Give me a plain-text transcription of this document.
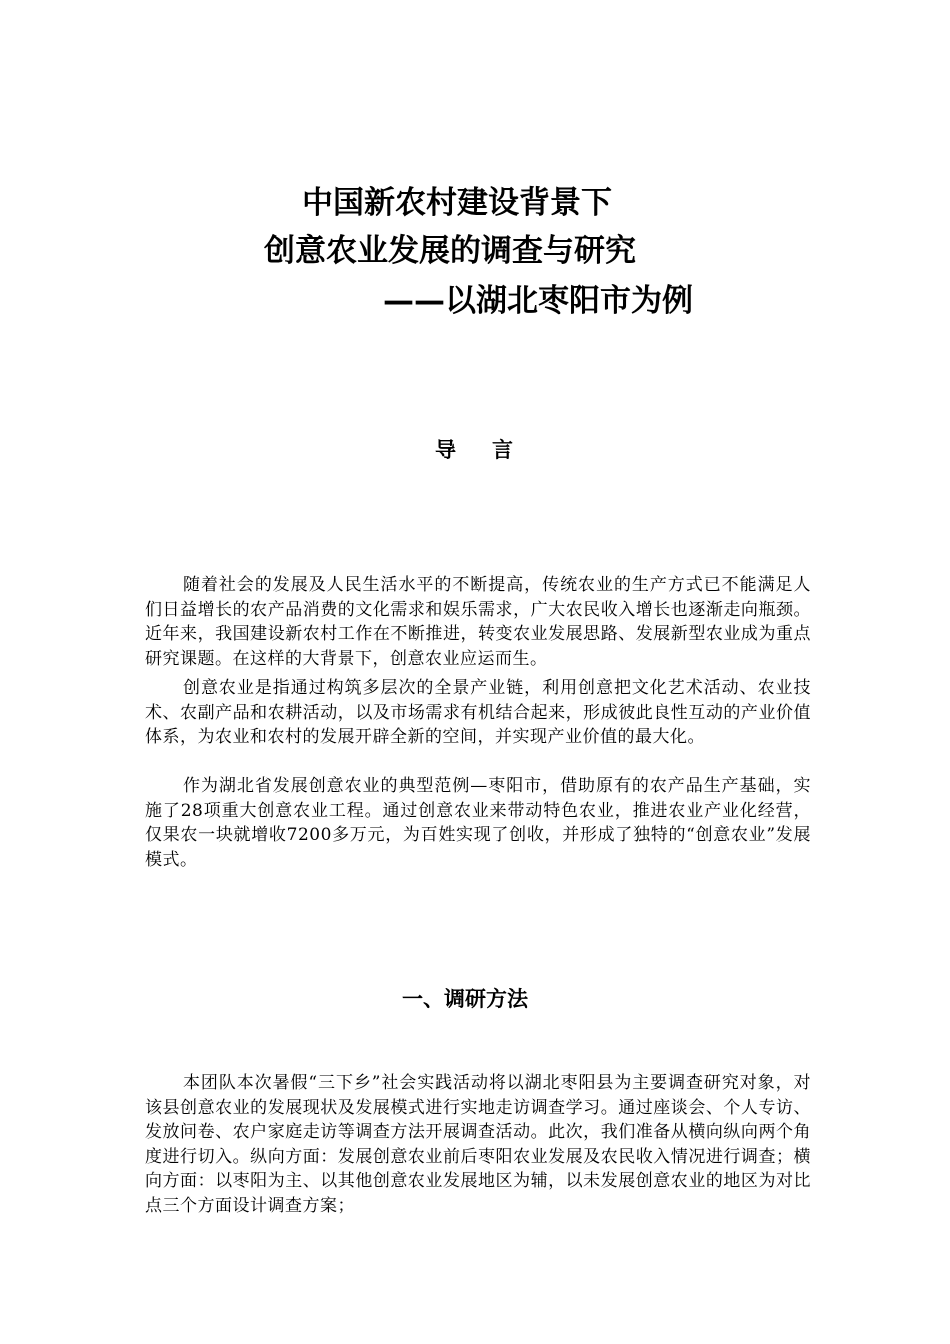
中国新农村建设背景下
创意农业发展的调查与研究
——以湖北枣阳市为例
导言

随着社会的发展及人民生活水平的不断提高，传统农业的生产方式已不能满足人们日益增长的农产品消费的文化需求和娱乐需求，广大农民收入增长也逐渐走向瓶颈。近年来，我国建设新农村工作在不断推进，转变农业发展思路、发展新型农业成为重点研究课题。在这样的大背景下，创意农业应运而生。

创意农业是指通过构筑多层次的全景产业链，利用创意把文化艺术活动、农业技术、农副产品和农耕活动，以及市场需求有机结合起来，形成彼此良性互动的产业价值体系，为农业和农村的发展开辟全新的空间，并实现产业价值的最大化。

作为湖北省发展创意农业的典型范例—枣阳市，借助原有的农产品生产基础，实施了28项重大创意农业工程。通过创意农业来带动特色农业，推进农业产业化经营，仅果农一块就增收7200多万元，为百姓实现了创收，并形成了独特的“创意农业”发展模式。

一、调研方法

本团队本次暑假“三下乡”社会实践活动将以湖北枣阳县为主要调查研究对象，对该县创意农业的发展现状及发展模式进行实地走访调查学习。通过座谈会、个人专访、发放问卷、农户家庭走访等调查方法开展调查活动。此次，我们准备从横向纵向两个角度进行切入。纵向方面：发展创意农业前后枣阳农业发展及农民收入情况进行调查；横向方面：以枣阳为主、以其他创意农业发展地区为辅，以未发展创意农业的地区为对比点三个方面设计调查方案；
